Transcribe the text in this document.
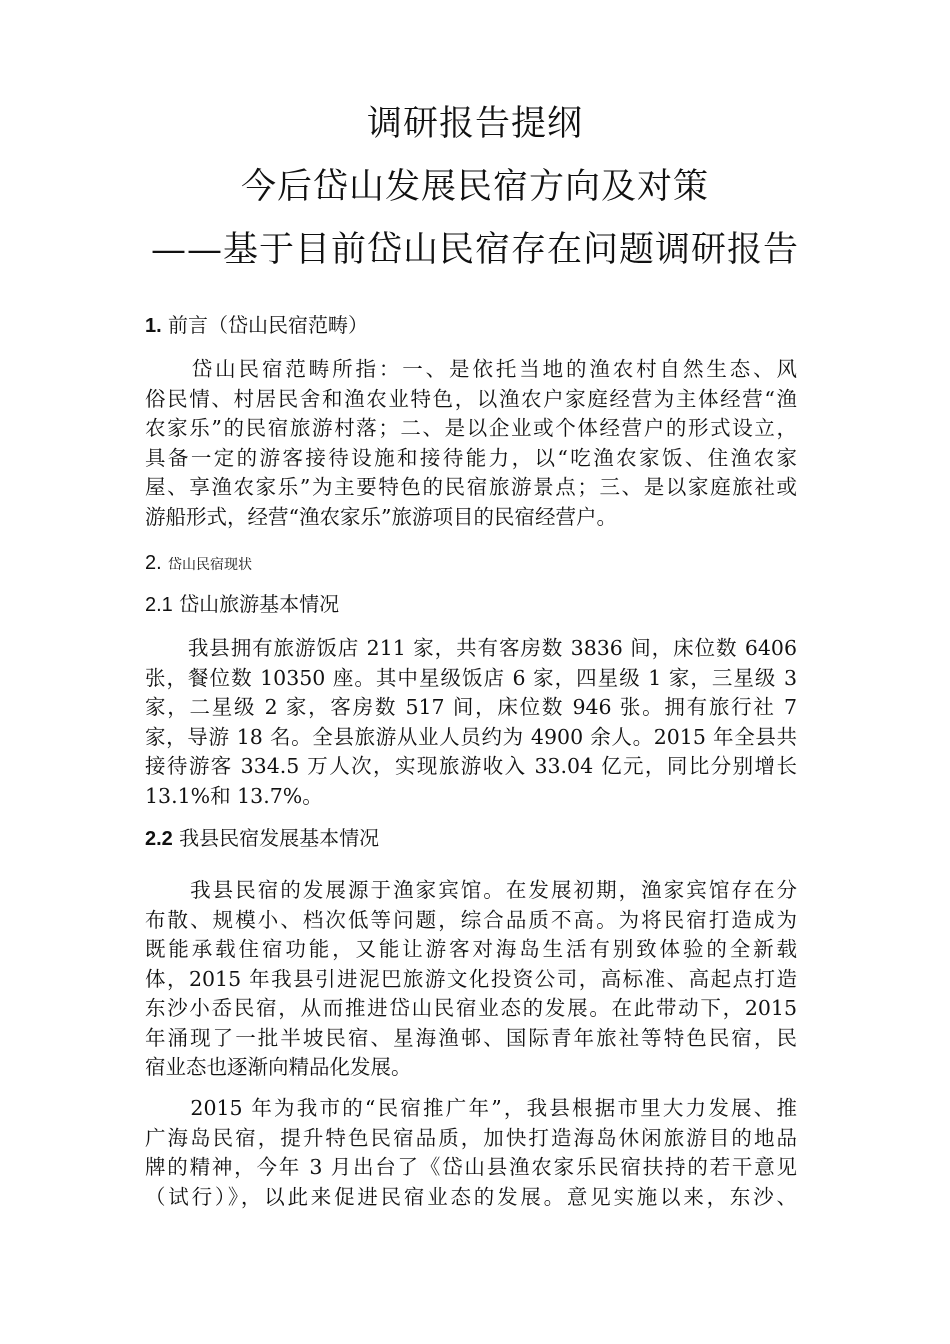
调研报告提纲
今后岱山发展民宿方向及对策
——基于目前岱山民宿存在问题调研报告
1. 前言（岱山民宿范畴）
　　岱山民宿范畴所指：一、是依托当地的渔农村自然生态、风
俗民情、村居民舍和渔农业特色，以渔农户家庭经营为主体经营“渔
农家乐”的民宿旅游村落；二、是以企业或个体经营户的形式设立，
具备一定的游客接待设施和接待能力，以“吃渔农家饭、住渔农家
屋、享渔农家乐”为主要特色的民宿旅游景点；三、是以家庭旅社或
游船形式，经营“渔农家乐”旅游项目的民宿经营户。
2. 岱山民宿现状
2.1 岱山旅游基本情况
　　我县拥有旅游饭店 211 家，共有客房数 3836 间，床位数 6406
张，餐位数 10350 座。其中星级饭店 6 家，四星级 1 家，三星级 3
家，二星级 2 家，客房数 517 间，床位数 946 张。拥有旅行社 7
家，导游 18 名。全县旅游从业人员约为 4900 余人。2015 年全县共
接待游客 334.5 万人次，实现旅游收入 33.04 亿元，同比分别增长
13.1%和 13.7%。
2.2 我县民宿发展基本情况
　　我县民宿的发展源于渔家宾馆。在发展初期，渔家宾馆存在分
布散、规模小、档次低等问题，综合品质不高。为将民宿打造成为
既能承载住宿功能，又能让游客对海岛生活有别致体验的全新载
体，2015 年我县引进泥巴旅游文化投资公司，高标准、高起点打造
东沙小岙民宿，从而推进岱山民宿业态的发展。在此带动下，2015
年涌现了一批半坡民宿、星海渔邨、国际青年旅社等特色民宿，民
宿业态也逐渐向精品化发展。
　　2015 年为我市的“民宿推广年”，我县根据市里大力发展、推
广海岛民宿，提升特色民宿品质，加快打造海岛休闲旅游目的地品
牌的精神，今年 3 月出台了《岱山县渔农家乐民宿扶持的若干意见
（试行）》，以此来促进民宿业态的发展。意见实施以来，东沙、
